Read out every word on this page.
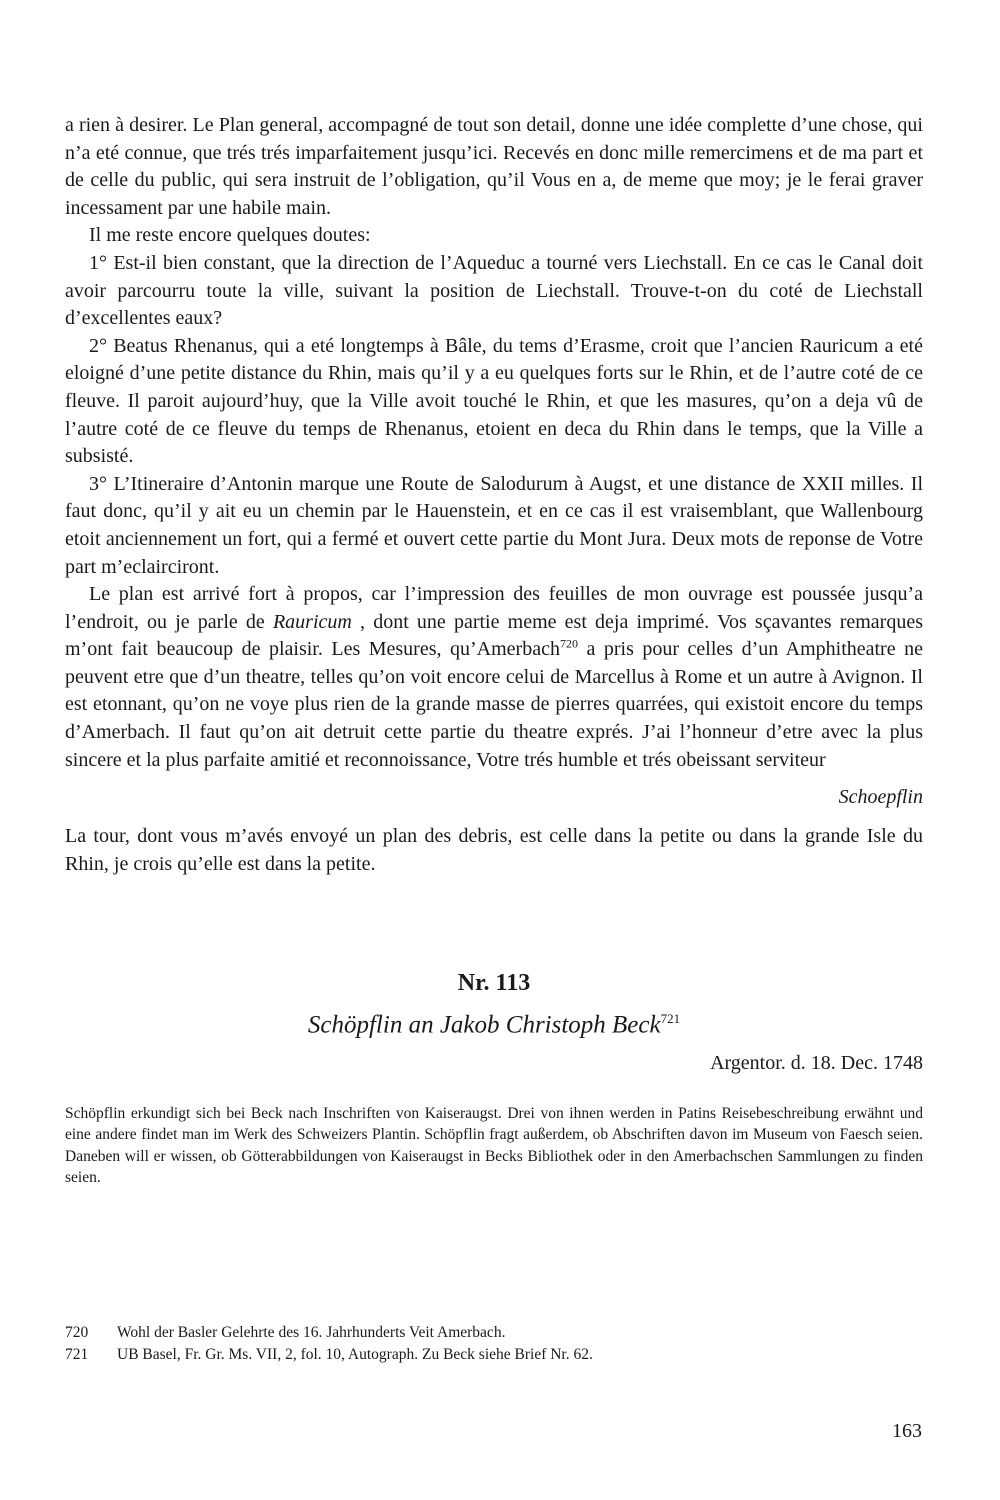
a rien à desirer. Le Plan general, accompagné de tout son detail, donne une idée complette d’une chose, qui n’a eté connue, que trés trés imparfaitement jusqu’ici. Recevés en donc mille remercimens et de ma part et de celle du public, qui sera instruit de l’obligation, qu’il Vous en a, de meme que moy; je le ferai graver incessament par une habile main.

Il me reste encore quelques doutes:

1° Est-il bien constant, que la direction de l’Aqueduc a tourné vers Liechstall. En ce cas le Canal doit avoir parcourru toute la ville, suivant la position de Liechstall. Trouve-t-on du coté de Liechstall d’excellentes eaux?

2° Beatus Rhenanus, qui a eté longtemps à Bâle, du tems d’Erasme, croit que l’ancien Rauricum a eté eloigné d’une petite distance du Rhin, mais qu’il y a eu quelques forts sur le Rhin, et de l’autre coté de ce fleuve. Il paroit aujourd’huy, que la Ville avoit touché le Rhin, et que les masures, qu’on a deja vû de l’autre coté de ce fleuve du temps de Rhenanus, etoient en deca du Rhin dans le temps, que la Ville a subsisté.

3° L’Itineraire d’Antonin marque une Route de Salodurum à Augst, et une distance de XXII milles. Il faut donc, qu’il y ait eu un chemin par le Hauenstein, et en ce cas il est vraisemblant, que Wallenbourg etoit anciennement un fort, qui a fermé et ouvert cette partie du Mont Jura. Deux mots de reponse de Votre part m’eclairciront.

Le plan est arrivé fort à propos, car l’impression des feuilles de mon ouvrage est poussée jusqu’a l’endroit, ou je parle de Rauricum , dont une partie meme est deja imprimé. Vos sçavantes remarques m’ont fait beaucoup de plaisir. Les Mesures, qu’Amerbach$^{720}$ a pris pour celles d’un Amphitheatre ne peuvent etre que d’un theatre, telles qu’on voit encore celui de Marcellus à Rome et un autre à Avignon. Il est etonnant, qu’on ne voye plus rien de la grande masse de pierres quarrées, qui existoit encore du temps d’Amerbach. Il faut qu’on ait detruit cette partie du theatre exprés. J’ai l’honneur d’etre avec la plus sincere et la plus parfaite amitié et reconnoissance, Votre trés humble et trés obeissant serviteur

Schoepflin
La tour, dont vous m’avés envoyé un plan des debris, est celle dans la petite ou dans la grande Isle du Rhin, je crois qu’elle est dans la petite.
Nr. 113
Schöpflin an Jakob Christoph Beck$^{721}$
Argentor. d. 18. Dec. 1748
Schöpflin erkundigt sich bei Beck nach Inschriften von Kaiseraugst. Drei von ihnen werden in Patins Reisebeschreibung erwähnt und eine andere findet man im Werk des Schweizers Plantin. Schöpflin fragt außerdem, ob Abschriften davon im Museum von Faesch seien. Daneben will er wissen, ob Götterabbildungen von Kaiseraugst in Becks Bibliothek oder in den Amerbachschen Sammlungen zu finden seien.
720	Wohl der Basler Gelehrte des 16. Jahrhunderts Veit Amerbach.
721	UB Basel, Fr. Gr. Ms. VII, 2, fol. 10, Autograph. Zu Beck siehe Brief Nr. 62.
163
